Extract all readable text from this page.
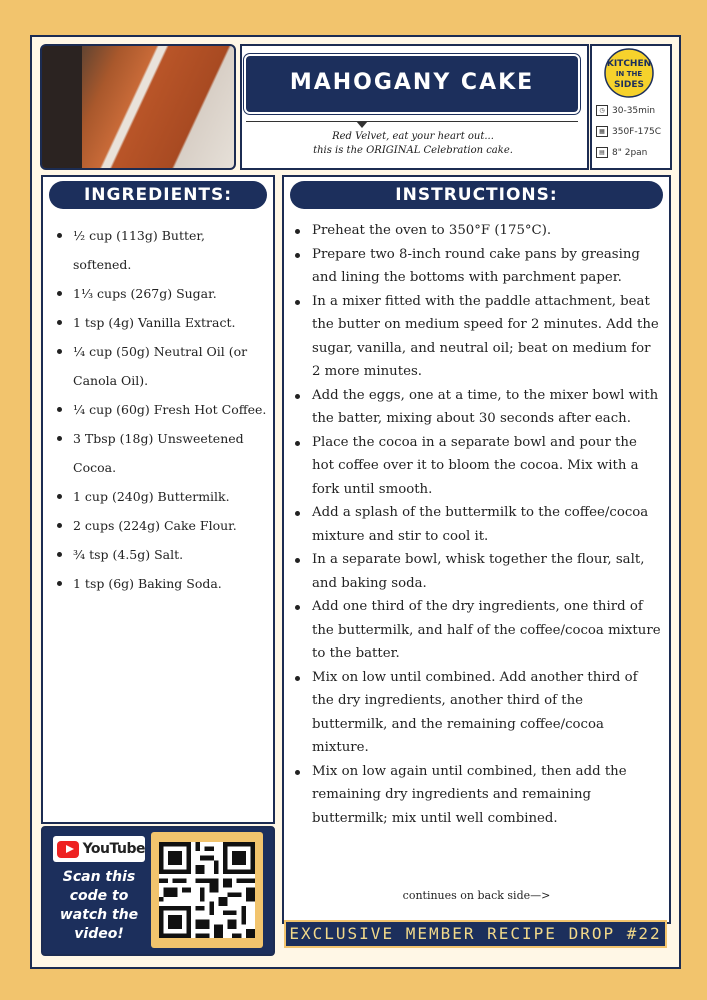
MAHOGANY CAKE
Red Velvet, eat your heart out...
this is the ORIGINAL Celebration cake.
KITCHEN
IN THE
SIDES
◷ 30-35min
▦ 350F-175C
▤ 8" 2pan
INGREDIENTS:
½ cup (113g) Butter, softened.
1⅓ cups (267g) Sugar.
1 tsp (4g) Vanilla Extract.
¼ cup (50g) Neutral Oil (or Canola Oil).
¼ cup (60g) Fresh Hot Coffee.
3 Tbsp (18g) Unsweetened Cocoa.
1 cup (240g) Buttermilk.
2 cups (224g) Cake Flour.
¾ tsp (4.5g) Salt.
1 tsp (6g) Baking Soda.
INSTRUCTIONS:
Preheat the oven to 350°F (175°C).
Prepare two 8-inch round cake pans by greasing and lining the bottoms with parchment paper.
In a mixer fitted with the paddle attachment, beat the butter on medium speed for 2 minutes. Add the sugar, vanilla, and neutral oil; beat on medium for 2 more minutes.
Add the eggs, one at a time, to the mixer bowl with the batter, mixing about 30 seconds after each.
Place the cocoa in a separate bowl and pour the hot coffee over it to bloom the cocoa. Mix with a fork until smooth.
Add a splash of the buttermilk to the coffee/cocoa mixture and stir to cool it.
In a separate bowl, whisk together the flour, salt, and baking soda.
Add one third of the dry ingredients, one third of the buttermilk, and half of the coffee/cocoa mixture to the batter.
Mix on low until combined. Add another third of the dry ingredients, another third of the buttermilk, and the remaining coffee/cocoa mixture.
Mix on low again until combined, then add the remaining dry ingredients and remaining buttermilk; mix until well combined.
continues on back side—>
EXCLUSIVE MEMBER RECIPE DROP #22
YouTube
Scan this
code to
watch the
video!
